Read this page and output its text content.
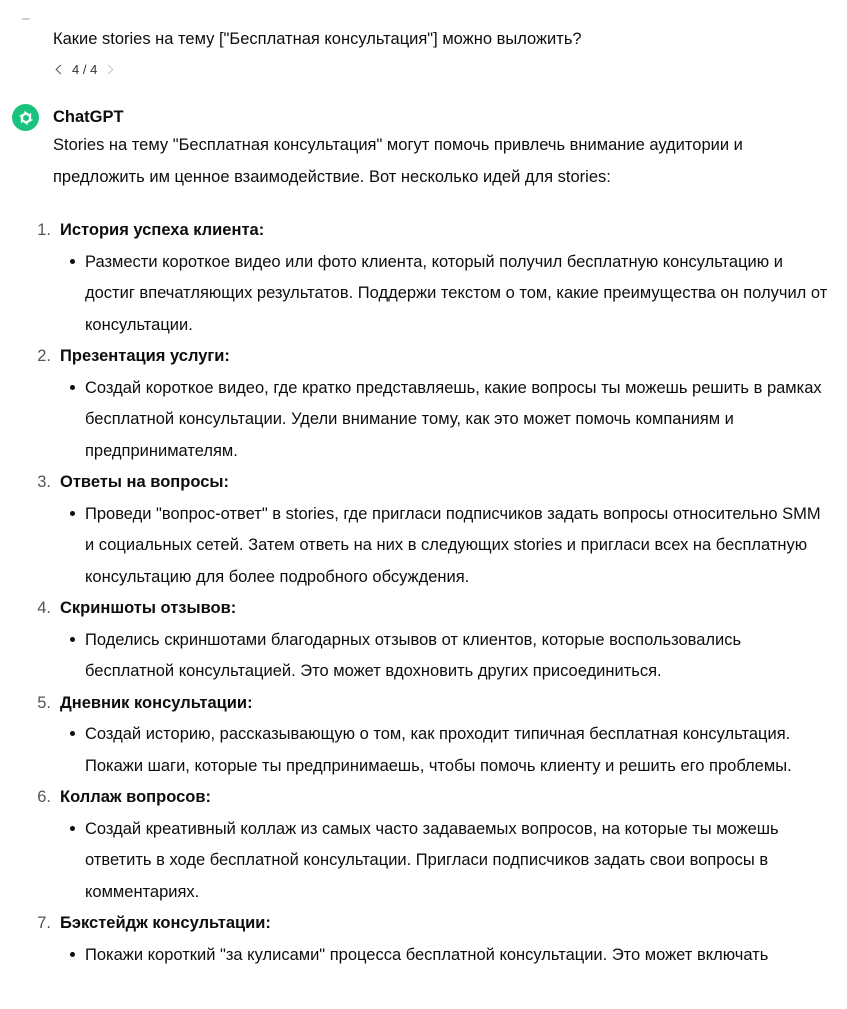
Какие stories на тему ["Бесплатная консультация"] можно выложить?
4 / 4
ChatGPT

Stories на тему "Бесплатная консультация" могут помочь привлечь внимание аудитории и предложить им ценное взаимодействие. Вот несколько идей для stories:

1. История успеха клиента:
Размести короткое видео или фото клиента, который получил бесплатную консультацию и достиг впечатляющих результатов. Поддержи текстом о том, какие преимущества он получил от консультации.
2. Презентация услуги:
Создай короткое видео, где кратко представляешь, какие вопросы ты можешь решить в рамках бесплатной консультации. Удели внимание тому, как это может помочь компаниям и предпринимателям.
3. Ответы на вопросы:
Проведи "вопрос-ответ" в stories, где пригласи подписчиков задать вопросы относительно SMM и социальных сетей. Затем ответь на них в следующих stories и пригласи всех на бесплатную консультацию для более подробного обсуждения.
4. Скриншоты отзывов:
Поделись скриншотами благодарных отзывов от клиентов, которые воспользовались бесплатной консультацией. Это может вдохновить других присоединиться.
5. Дневник консультации:
Создай историю, рассказывающую о том, как проходит типичная бесплатная консультация. Покажи шаги, которые ты предпринимаешь, чтобы помочь клиенту и решить его проблемы.
6. Коллаж вопросов:
Создай креативный коллаж из самых часто задаваемых вопросов, на которые ты можешь ответить в ходе бесплатной консультации. Пригласи подписчиков задать свои вопросы в комментариях.
7. Бэкстейдж консультации:
Покажи короткий "за кулисами" процесса бесплатной консультации. Это может включать
